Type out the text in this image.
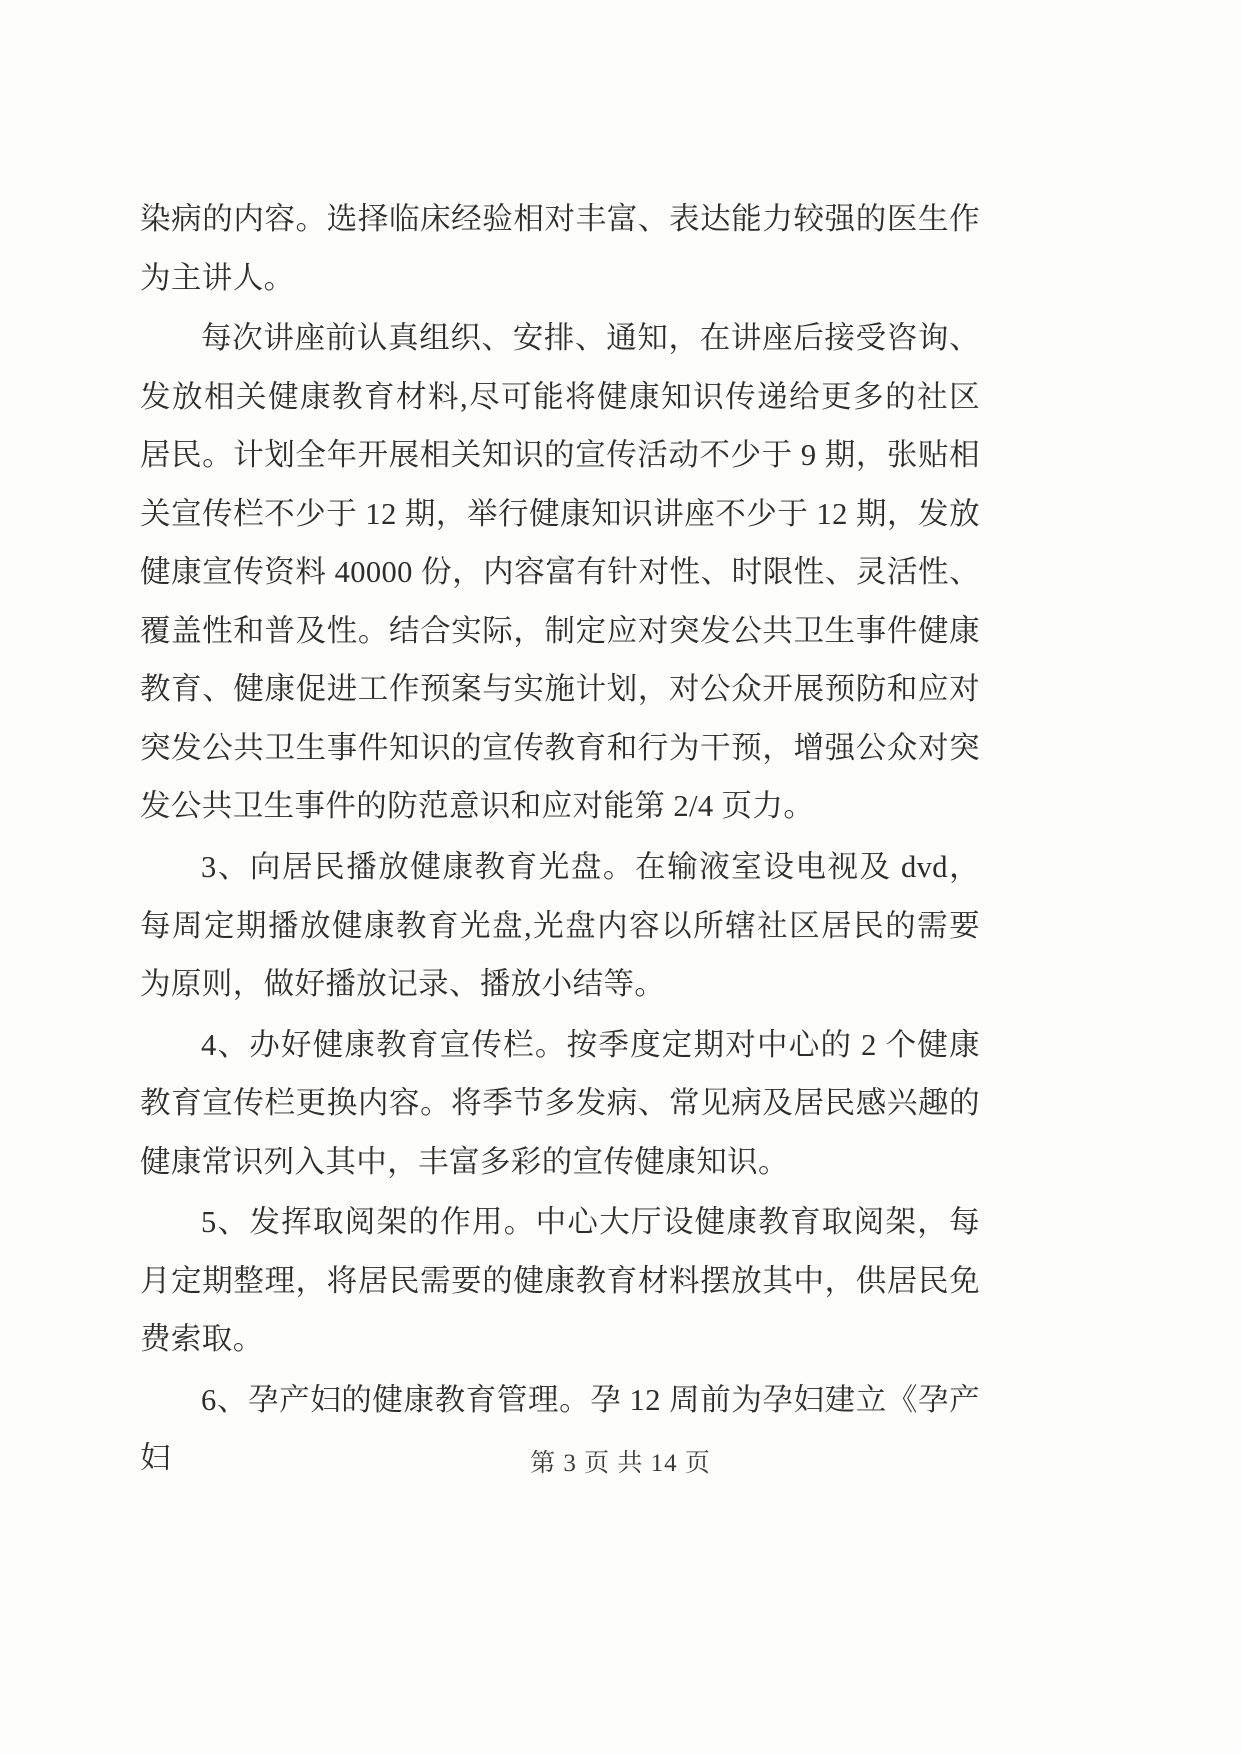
染病的内容。选择临床经验相对丰富、表达能力较强的医生作为主讲人。

每次讲座前认真组织、安排、通知，在讲座后接受咨询、发放相关健康教育材料,尽可能将健康知识传递给更多的社区居民。计划全年开展相关知识的宣传活动不少于 9 期，张贴相关宣传栏不少于 12 期，举行健康知识讲座不少于 12 期，发放健康宣传资料 40000 份，内容富有针对性、时限性、灵活性、覆盖性和普及性。结合实际，制定应对突发公共卫生事件健康教育、健康促进工作预案与实施计划，对公众开展预防和应对突发公共卫生事件知识的宣传教育和行为干预，增强公众对突发公共卫生事件的防范意识和应对能第 2/4 页力。

3、向居民播放健康教育光盘。在输液室设电视及 dvd，每周定期播放健康教育光盘,光盘内容以所辖社区居民的需要为原则，做好播放记录、播放小结等。

4、办好健康教育宣传栏。按季度定期对中心的 2 个健康教育宣传栏更换内容。将季节多发病、常见病及居民感兴趣的健康常识列入其中，丰富多彩的宣传健康知识。

5、发挥取阅架的作用。中心大厅设健康教育取阅架，每月定期整理，将居民需要的健康教育材料摆放其中，供居民免费索取。

6、孕产妇的健康教育管理。孕 12 周前为孕妇建立《孕产妇	第 3 页 共 14 页
